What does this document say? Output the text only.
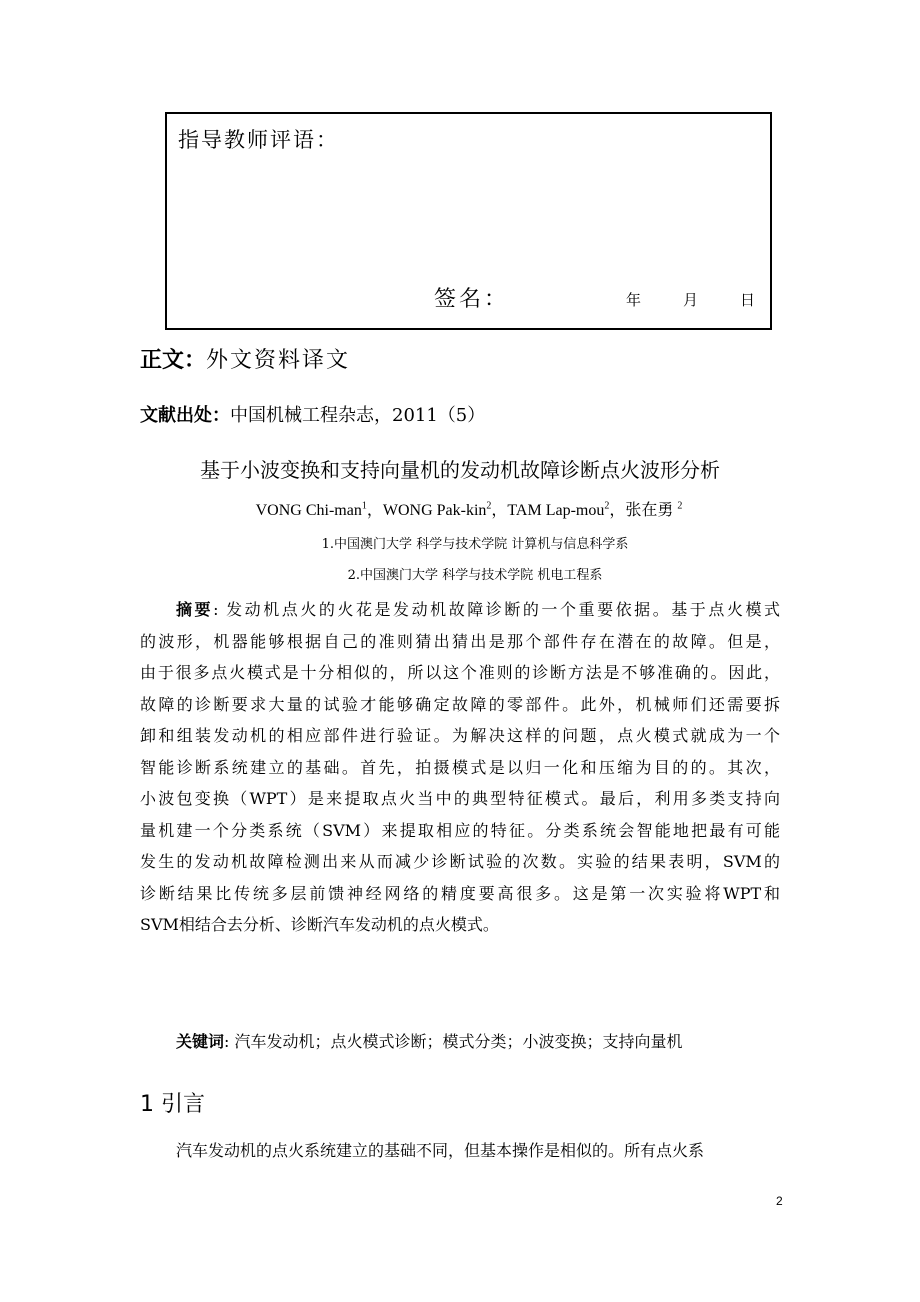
指导教师评语：
签名：	年	月	日
正文：外文资料译文
文献出处：中国机械工程杂志，2011（5）
基于小波变换和支持向量机的发动机故障诊断点火波形分析
VONG Chi-man$^1$，WONG Pak-kin$^2$，TAM Lap-mou$^2$，张在勇 $^2$
1.中国澳门大学 科学与技术学院 计算机与信息科学系
2.中国澳门大学 科学与技术学院 机电工程系
摘要: 发动机点火的火花是发动机故障诊断的一个重要依据。基于点火模式
的波形，机器能够根据自己的准则猜出猜出是那个部件存在潜在的故障。但是，
由于很多点火模式是十分相似的，所以这个准则的诊断方法是不够准确的。因此，
故障的诊断要求大量的试验才能够确定故障的零部件。此外，机械师们还需要拆
卸和组装发动机的相应部件进行验证。为解决这样的问题，点火模式就成为一个
智能诊断系统建立的基础。首先，拍摄模式是以归一化和压缩为目的的。其次，
小波包变换（WPT）是来提取点火当中的典型特征模式。最后，利用多类支持向
量机建一个分类系统（SVM）来提取相应的特征。分类系统会智能地把最有可能
发生的发动机故障检测出来从而减少诊断试验的次数。实验的结果表明，SVM的
诊断结果比传统多层前馈神经网络的精度要高很多。这是第一次实验将WPT和
SVM相结合去分析、诊断汽车发动机的点火模式。
关键词: 汽车发动机；点火模式诊断；模式分类；小波变换；支持向量机
1 引言
汽车发动机的点火系统建立的基础不同，但基本操作是相似的。所有点火系
2
